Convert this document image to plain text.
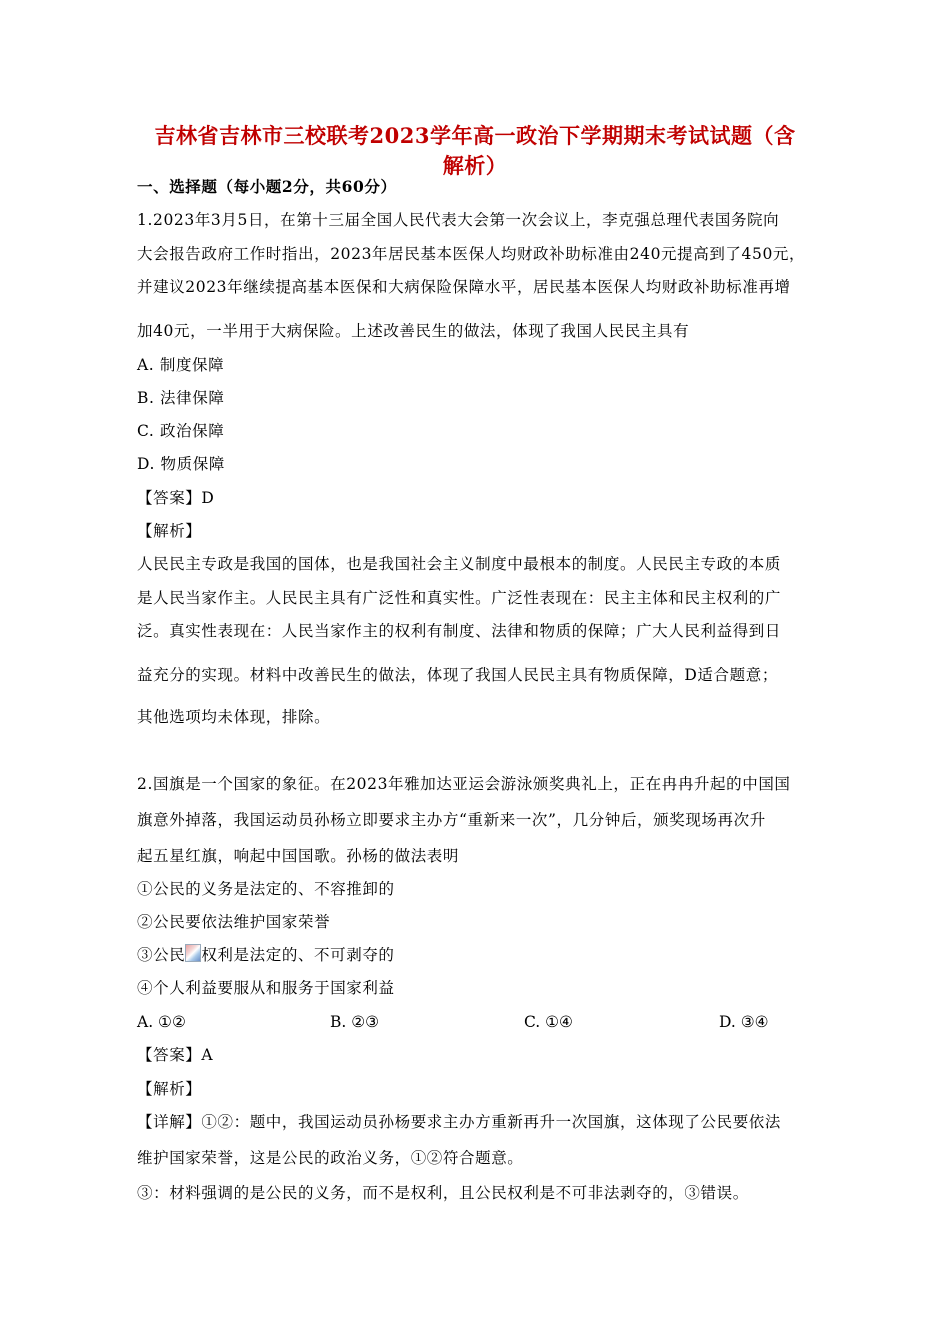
吉林省吉林市三校联考2023学年高一政治下学期期末考试试题（含
解析）
一、选择题（每小题2分，共60分）
1.2023年3月5日，在第十三届全国人民代表大会第一次会议上，李克强总理代表国务院向
大会报告政府工作时指出，2023年居民基本医保人均财政补助标准由240元提高到了450元，
并建议2023年继续提高基本医保和大病保险保障水平，居民基本医保人均财政补助标准再增
加40元，一半用于大病保险。上述改善民生的做法，体现了我国人民民主具有
A. 制度保障
B. 法律保障
C. 政治保障
D. 物质保障
【答案】D
【解析】
人民民主专政是我国的国体，也是我国社会主义制度中最根本的制度。人民民主专政的本质
是人民当家作主。人民民主具有广泛性和真实性。广泛性表现在：民主主体和民主权利的广
泛。真实性表现在：人民当家作主的权利有制度、法律和物质的保障；广大人民利益得到日
益充分的实现。材料中改善民生的做法，体现了我国人民民主具有物质保障，D适合题意；
其他选项均未体现，排除。
2.国旗是一个国家的象征。在2023年雅加达亚运会游泳颁奖典礼上，正在冉冉升起的中国国
旗意外掉落，我国运动员孙杨立即要求主办方“重新来一次”，几分钟后，颁奖现场再次升
起五星红旗，响起中国国歌。孙杨的做法表明
①公民的义务是法定的、不容推卸的
②公民要依法维护国家荣誉
③公民 权利是法定的、不可剥夺的
④个人利益要服从和服务于国家利益
A. ①②	B. ②③	C. ①④	D. ③④
【答案】A
【解析】
【详解】①②：题中，我国运动员孙杨要求主办方重新再升一次国旗，这体现了公民要依法
维护国家荣誉，这是公民的政治义务，①②符合题意。
③：材料强调的是公民的义务，而不是权利，且公民权利是不可非法剥夺的，③错误。
